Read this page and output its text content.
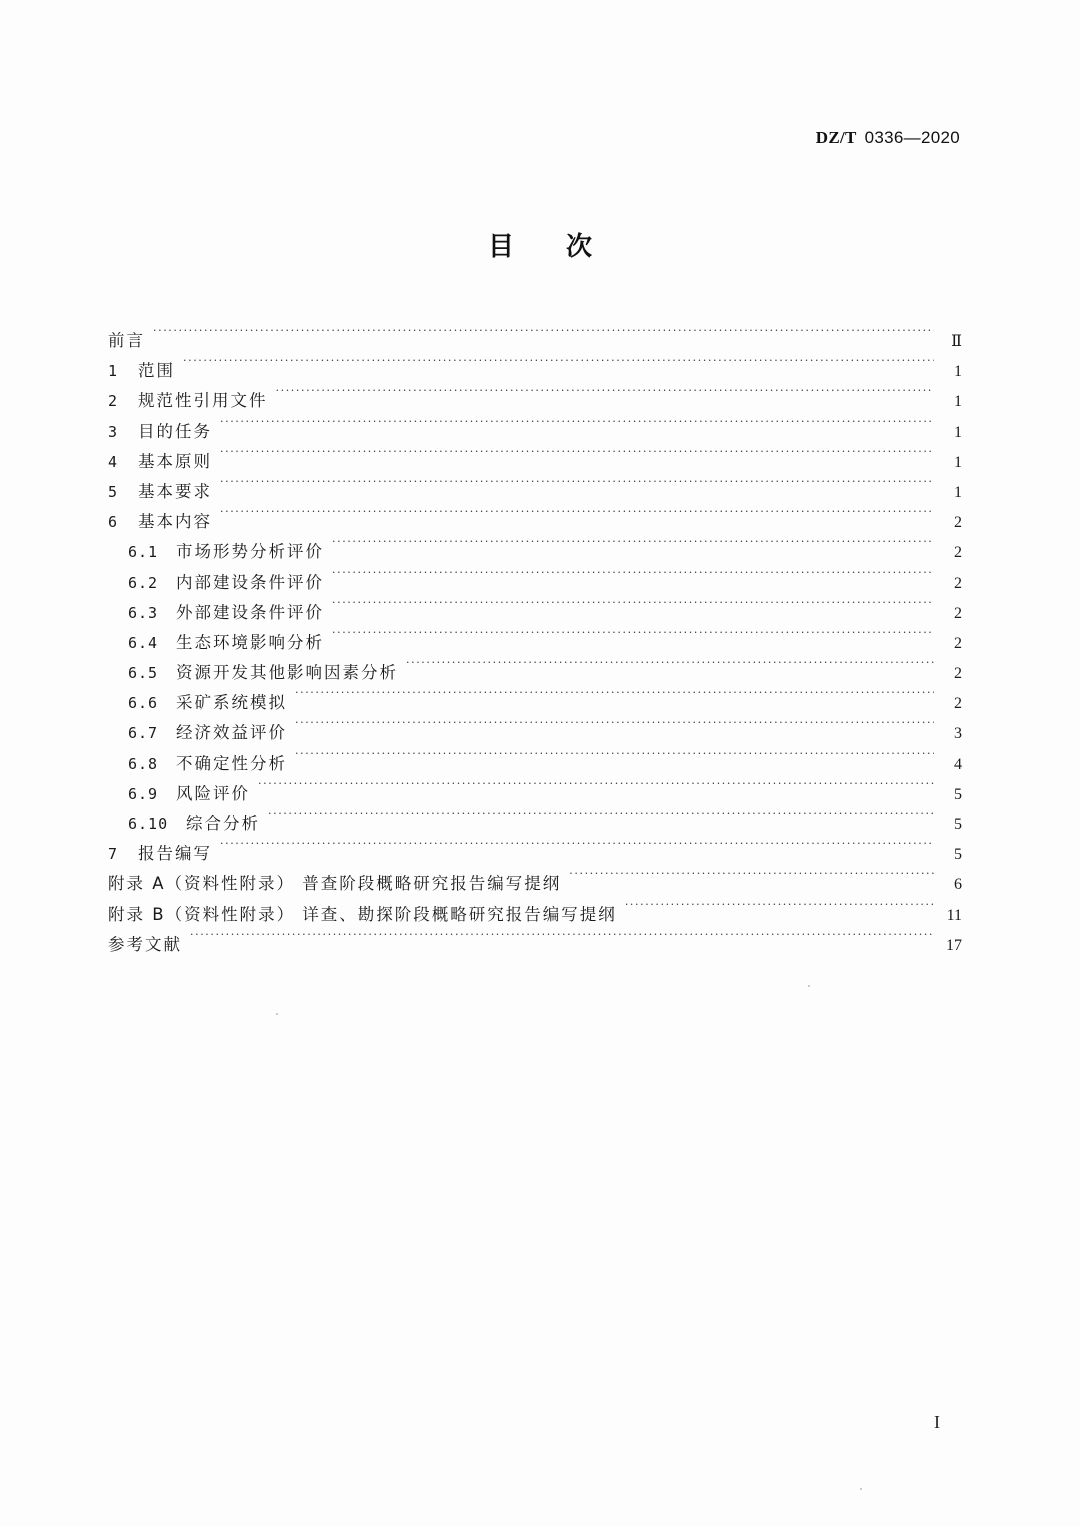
DZ/T 0336—2020
目 次
前言 ·····	Ⅱ
1	范围 ·····	1
2	规范性引用文件 ·····	1
3	目的任务 ·····	1
4	基本原则 ·····	1
5	基本要求 ·····	1
6	基本内容 ·····	2
6.1	市场形势分析评价 ·····	2
6.2	内部建设条件评价 ·····	2
6.3	外部建设条件评价 ·····	2
6.4	生态环境影响分析 ·····	2
6.5	资源开发其他影响因素分析 ·····	2
6.6	采矿系统模拟 ·····	2
6.7	经济效益评价 ·····	3
6.8	不确定性分析 ·····	4
6.9	风险评价 ·····	5
6.10	综合分析 ·····	5
7	报告编写 ·····	5
附录 A（资料性附录） 普查阶段概略研究报告编写提纲 ·····	6
附录 B（资料性附录） 详查、勘探阶段概略研究报告编写提纲 ·····	11
参考文献 ·····	17
I
